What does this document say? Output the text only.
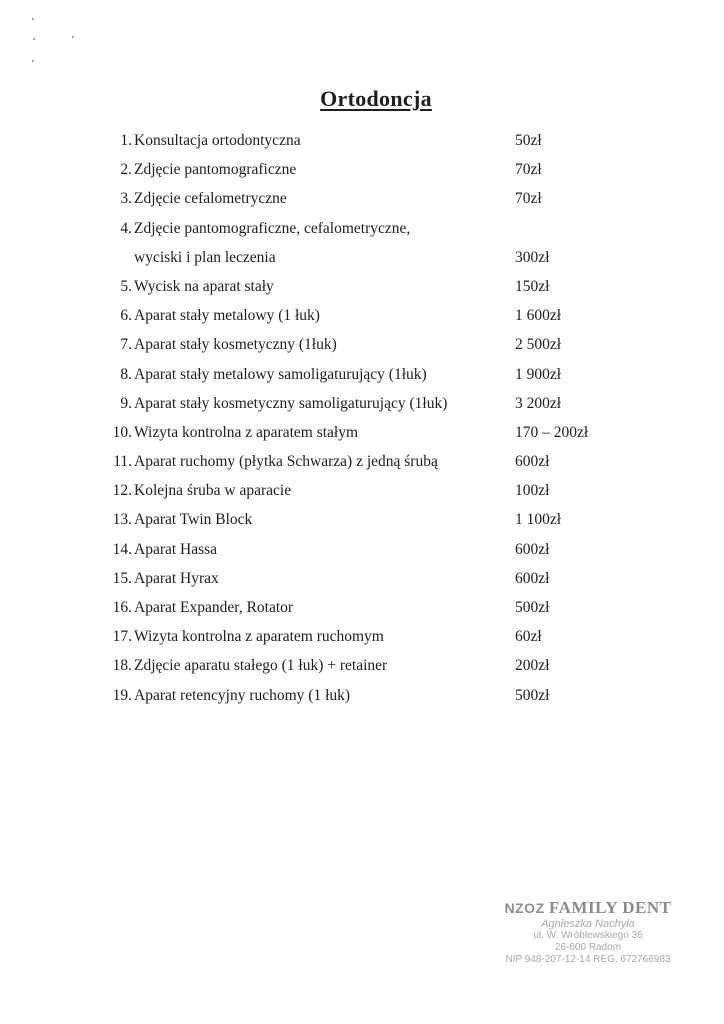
Ortodoncja
1. Konsultacja ortodontyczna	50zł
2. Zdjęcie pantomograficzne	70zł
3. Zdjęcie cefalometryczne	70zł
4. Zdjęcie pantomograficzne, cefalometryczne,
wyciski i plan leczenia	300zł
5. Wycisk na aparat stały	150zł
6. Aparat stały metalowy (1 łuk)	1 600zł
7. Aparat stały kosmetyczny (1łuk)	2 500zł
8. Aparat stały metalowy samoligaturujący (1łuk)	1 900zł
9. Aparat stały kosmetyczny samoligaturujący (1łuk)	3 200zł
10. Wizyta kontrolna z aparatem stałym	170 – 200zł
11. Aparat ruchomy (płytka Schwarza) z jedną śrubą	600zł
12. Kolejna śruba w aparacie	100zł
13. Aparat Twin Block	1 100zł
14. Aparat Hassa	600zł
15. Aparat Hyrax	600zł
16. Aparat Expander, Rotator	500zł
17. Wizyta kontrolna z aparatem ruchomym	60zł
18. Zdjęcie aparatu stałego (1 łuk) + retainer	200zł
19. Aparat retencyjny ruchomy (1 łuk)	500zł
NZOZ FAMILY DENT
Agnieszka Nachyła
ul. W. Wróblewskiego 36
26-600 Radom
NIP 948-207-12-14 REG. 672766983
